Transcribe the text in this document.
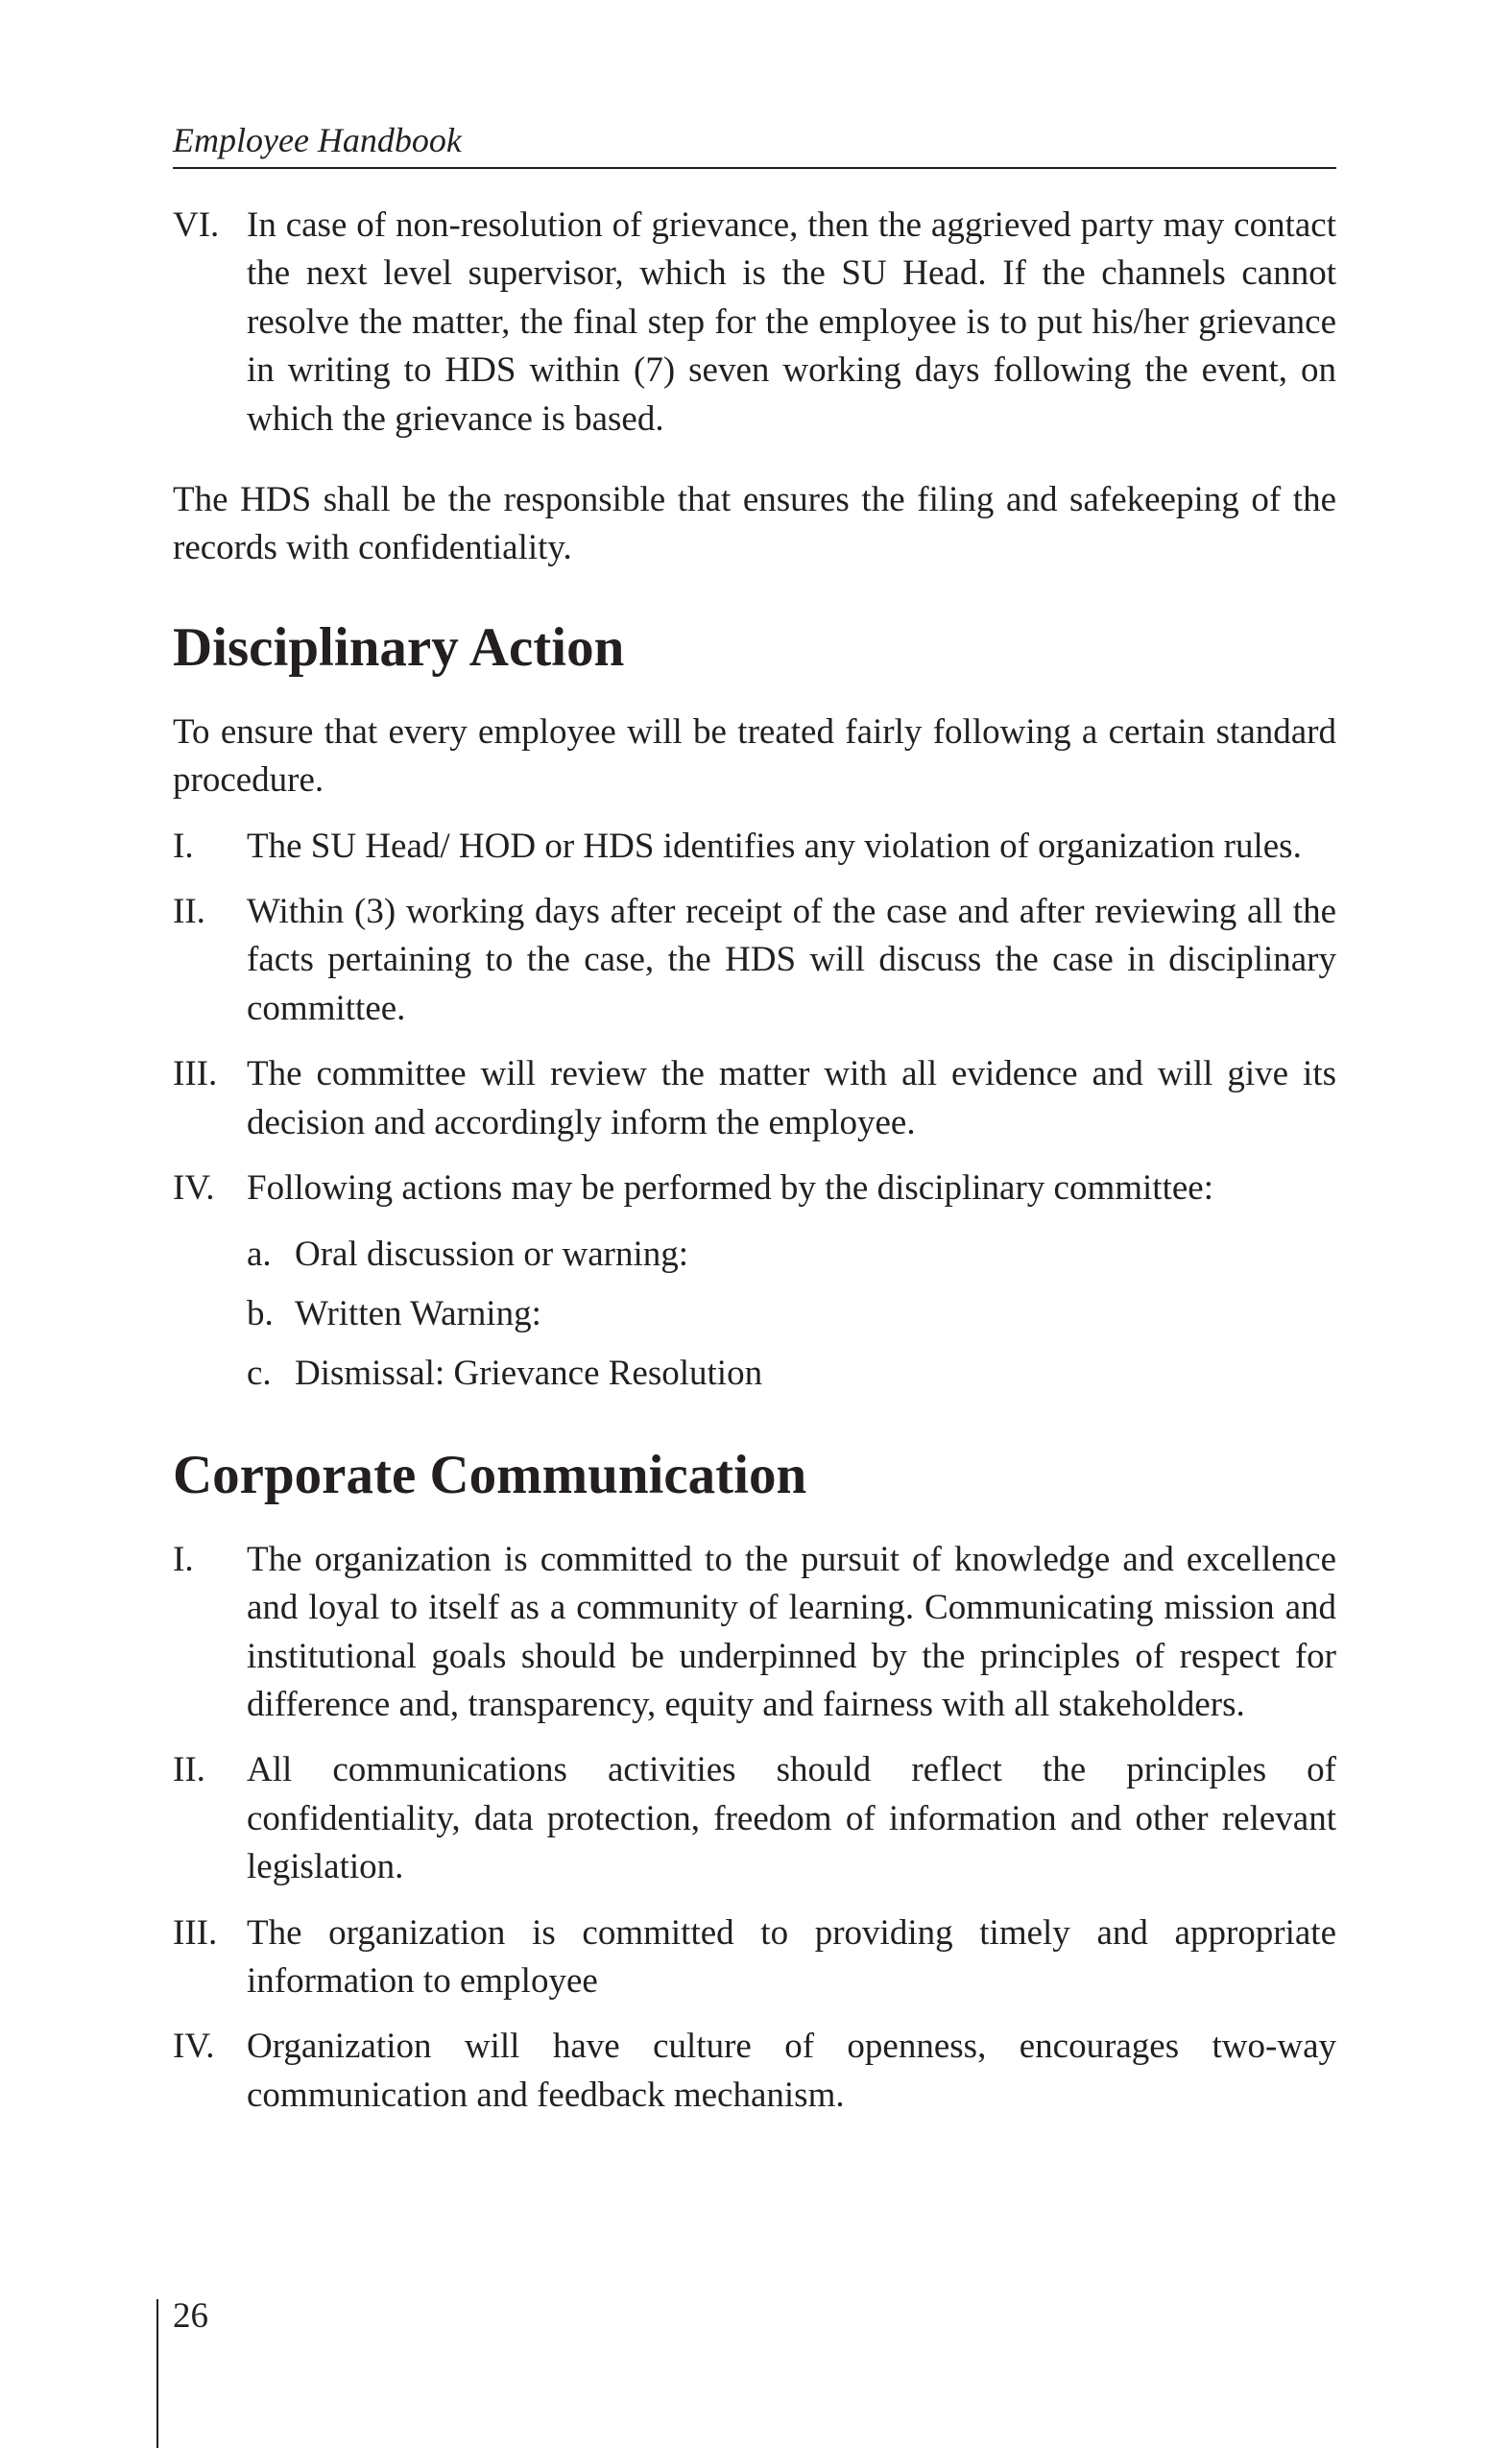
Employee Handbook
VI. In case of non-resolution of grievance, then the aggrieved party may contact the next level supervisor, which is the SU Head. If the channels cannot resolve the matter, the final step for the employee is to put his/her grievance in writing to HDS within (7) seven working days following the event, on which the grievance is based.
The HDS shall be the responsible that ensures the filing and safekeeping of the records with confidentiality.
Disciplinary Action
To ensure that every employee will be treated fairly following a certain standard procedure.
I.	The SU Head/ HOD or HDS identifies any violation of organization rules.
II.	Within (3) working days after receipt of the case and after reviewing all the facts pertaining to the case, the HDS will discuss the case in disciplinary committee.
III. The committee will review the matter with all evidence and will give its decision and accordingly inform the employee.
IV. Following actions may be performed by the disciplinary committee:
a. Oral discussion or warning:
b. Written Warning:
c. Dismissal: Grievance Resolution
Corporate Communication
I.	The organization is committed to the pursuit of knowledge and excellence and loyal to itself as a community of learning. Communicating mission and institutional goals should be underpinned by the principles of respect for difference and, transparency, equity and fairness with all stakeholders.
II.	All communications activities should reflect the principles of confidentiality, data protection, freedom of information and other relevant legislation.
III. The organization is committed to providing timely and appropriate information to employee
IV. Organization will have culture of openness, encourages two-way communication and feedback mechanism.
26
